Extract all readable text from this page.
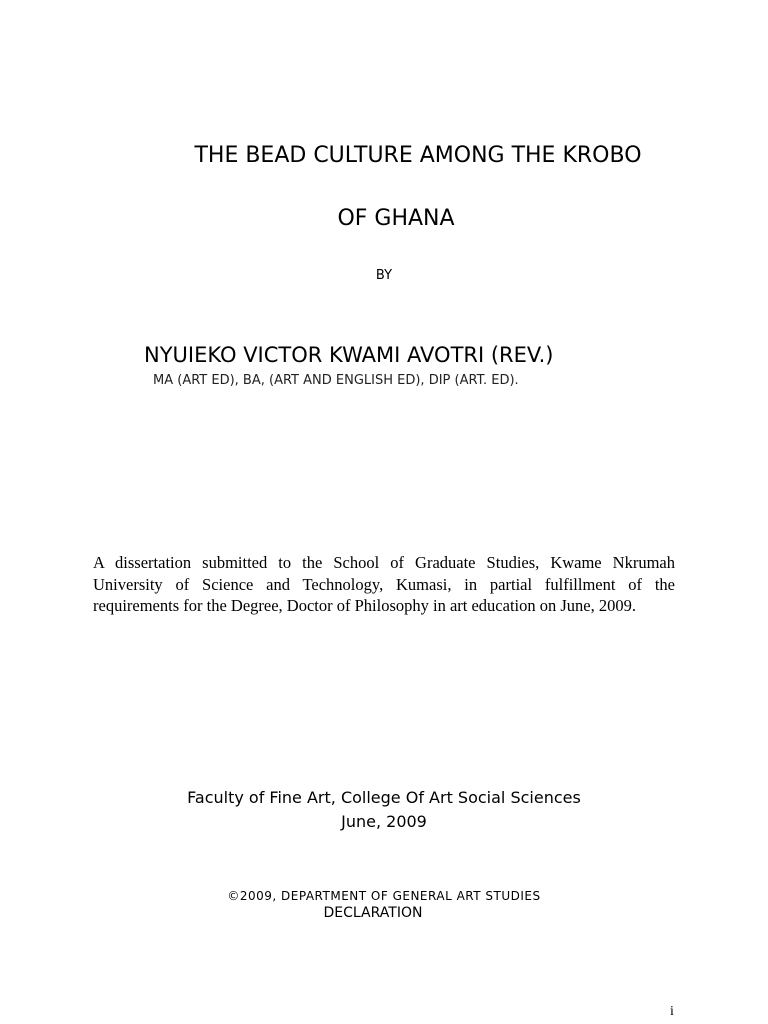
THE BEAD CULTURE AMONG THE KROBO
OF GHANA
BY
NYUIEKO VICTOR KWAMI AVOTRI (REV.)
MA (ART ED), BA, (ART AND ENGLISH ED), DIP (ART. ED).
A dissertation submitted to the School of Graduate Studies, Kwame Nkrumah University of Science and Technology, Kumasi, in partial fulfillment of the requirements for the Degree, Doctor of Philosophy in art education on June, 2009.
Faculty of Fine Art, College Of Art Social Sciences
June, 2009
©2009, DEPARTMENT OF GENERAL ART STUDIES
DECLARATION
i
